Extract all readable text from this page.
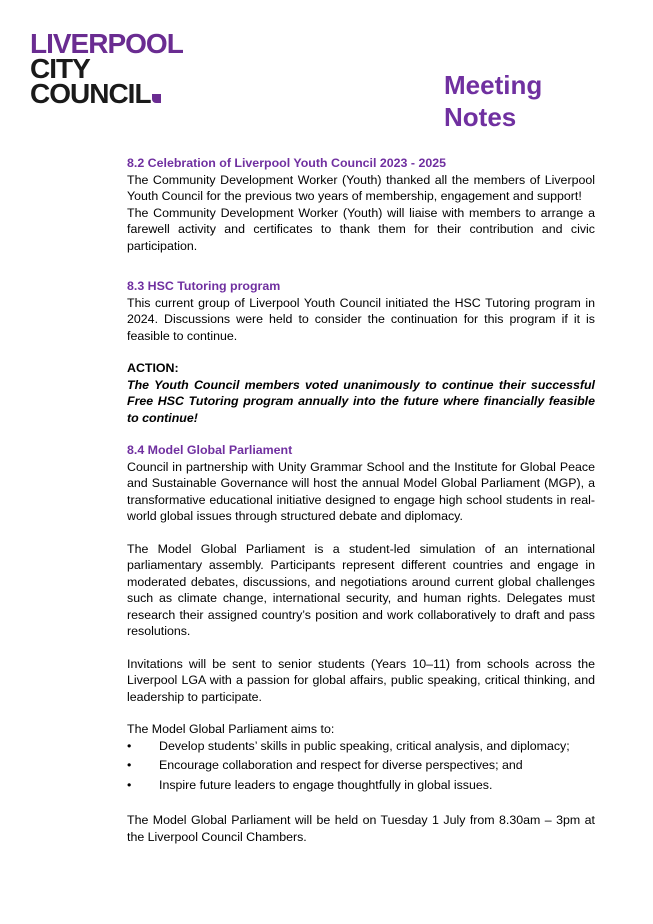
LIVERPOOL
CITY
COUNCIL	Meeting
Notes

8.2 Celebration of Liverpool Youth Council 2023 - 2025

The Community Development Worker (Youth) thanked all the members of Liverpool Youth Council for the previous two years of membership, engagement and support!

The Community Development Worker (Youth) will liaise with members to arrange a farewell activity and certificates to thank them for their contribution and civic participation.

8.3 HSC Tutoring program

This current group of Liverpool Youth Council initiated the HSC Tutoring program in 2024. Discussions were held to consider the continuation for this program if it is feasible to continue.

ACTION:

The Youth Council members voted unanimously to continue their successful Free HSC Tutoring program annually into the future where financially feasible to continue!

8.4 Model Global Parliament

Council in partnership with Unity Grammar School and the Institute for Global Peace and Sustainable Governance will host the annual Model Global Parliament (MGP), a transformative educational initiative designed to engage high school students in real-world global issues through structured debate and diplomacy.

The Model Global Parliament is a student-led simulation of an international parliamentary assembly. Participants represent different countries and engage in moderated debates, discussions, and negotiations around current global challenges such as climate change, international security, and human rights. Delegates must research their assigned country’s position and work collaboratively to draft and pass resolutions.

Invitations will be sent to senior students (Years 10–11) from schools across the Liverpool LGA with a passion for global affairs, public speaking, critical thinking, and leadership to participate.

The Model Global Parliament aims to:

• Develop students’ skills in public speaking, critical analysis, and diplomacy;
• Encourage collaboration and respect for diverse perspectives; and
• Inspire future leaders to engage thoughtfully in global issues.

The Model Global Parliament will be held on Tuesday 1 July from 8.30am – 3pm at the Liverpool Council Chambers.
